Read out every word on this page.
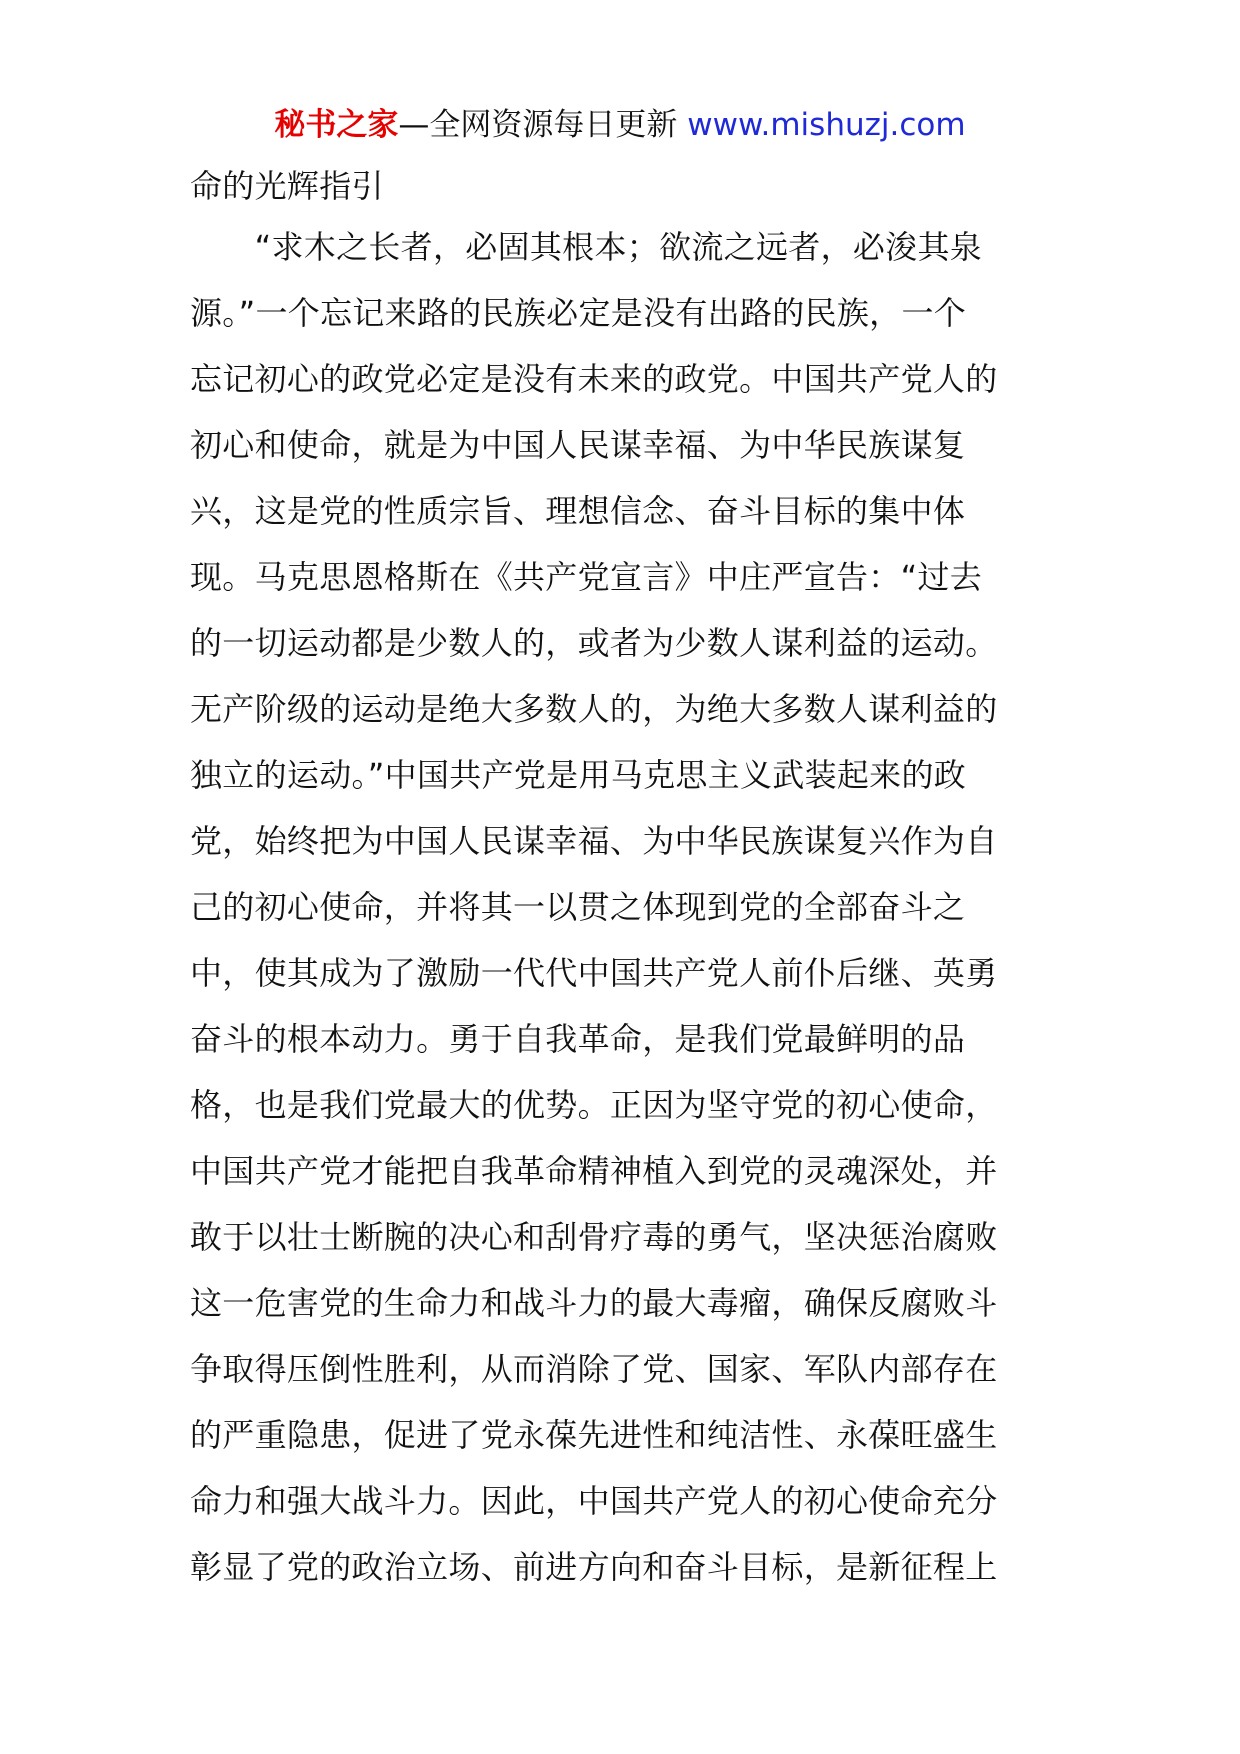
秘书之家—全网资源每日更新 www.mishuzj.com
命的光辉指引
　　“求木之长者，必固其根本；欲流之远者，必浚其泉
源。”一个忘记来路的民族必定是没有出路的民族，一个
忘记初心的政党必定是没有未来的政党。中国共产党人的
初心和使命，就是为中国人民谋幸福、为中华民族谋复
兴，这是党的性质宗旨、理想信念、奋斗目标的集中体
现。马克思恩格斯在《共产党宣言》中庄严宣告：“过去
的一切运动都是少数人的，或者为少数人谋利益的运动。
无产阶级的运动是绝大多数人的，为绝大多数人谋利益的
独立的运动。”中国共产党是用马克思主义武装起来的政
党，始终把为中国人民谋幸福、为中华民族谋复兴作为自
己的初心使命，并将其一以贯之体现到党的全部奋斗之
中，使其成为了激励一代代中国共产党人前仆后继、英勇
奋斗的根本动力。勇于自我革命，是我们党最鲜明的品
格，也是我们党最大的优势。正因为坚守党的初心使命，
中国共产党才能把自我革命精神植入到党的灵魂深处，并
敢于以壮士断腕的决心和刮骨疗毒的勇气，坚决惩治腐败
这一危害党的生命力和战斗力的最大毒瘤，确保反腐败斗
争取得压倒性胜利，从而消除了党、国家、军队内部存在
的严重隐患，促进了党永葆先进性和纯洁性、永葆旺盛生
命力和强大战斗力。因此，中国共产党人的初心使命充分
彰显了党的政治立场、前进方向和奋斗目标，是新征程上
